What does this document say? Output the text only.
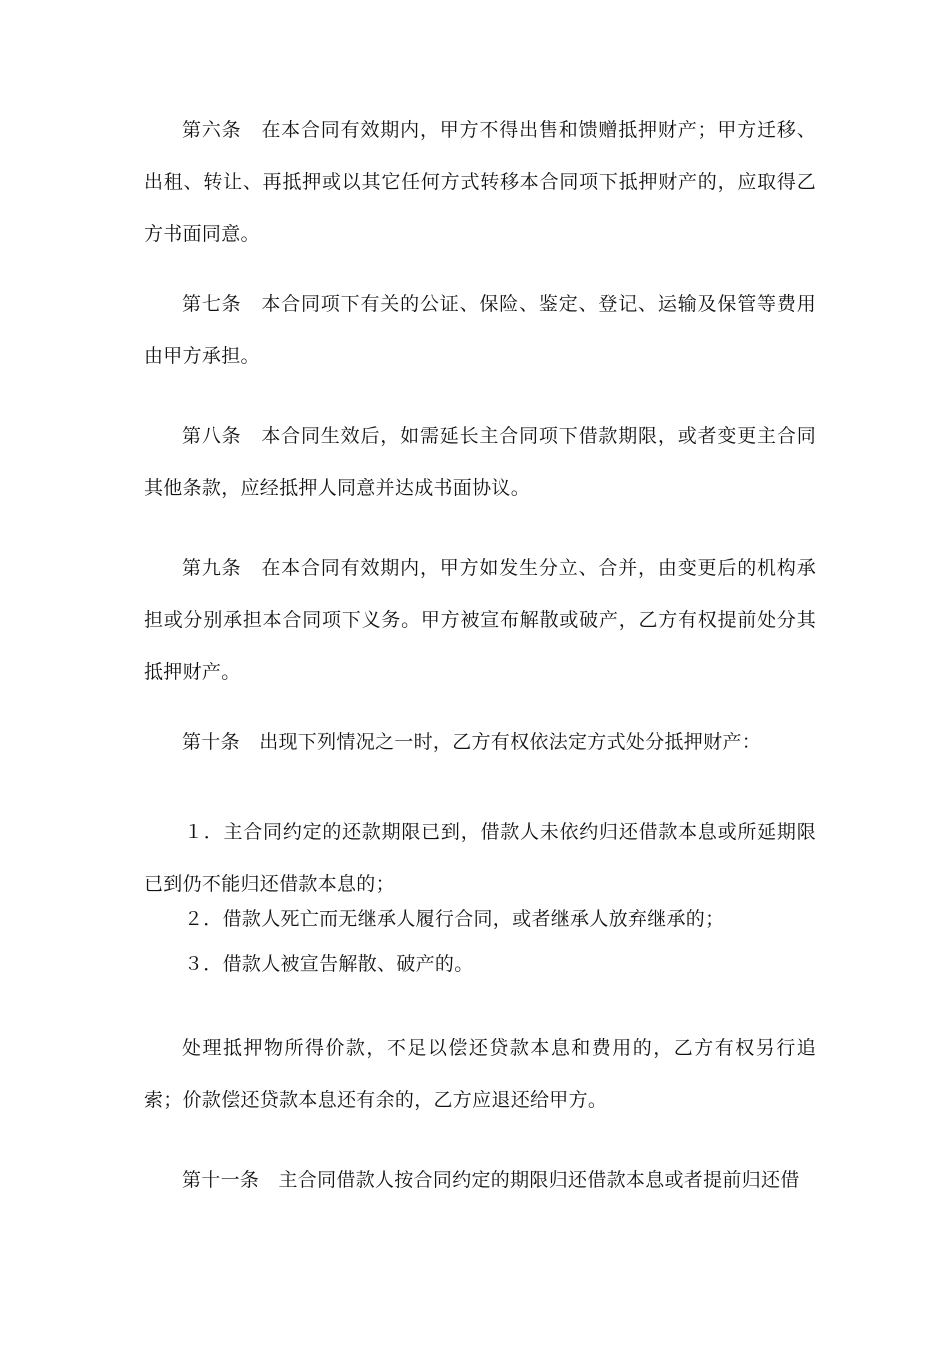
第六条　在本合同有效期内，甲方不得出售和馈赠抵押财产；甲方迁移、出租、转让、再抵押或以其它任何方式转移本合同项下抵押财产的，应取得乙方书面同意。

第七条　本合同项下有关的公证、保险、鉴定、登记、运输及保管等费用由甲方承担。

第八条　本合同生效后，如需延长主合同项下借款期限，或者变更主合同其他条款，应经抵押人同意并达成书面协议。

第九条　在本合同有效期内，甲方如发生分立、合并，由变更后的机构承担或分别承担本合同项下义务。甲方被宣布解散或破产，乙方有权提前处分其抵押财产。

第十条　出现下列情况之一时，乙方有权依法定方式处分抵押财产：

１．主合同约定的还款期限已到，借款人未依约归还借款本息或所延期限已到仍不能归还借款本息的；

２．借款人死亡而无继承人履行合同，或者继承人放弃继承的；

３．借款人被宣告解散、破产的。

处理抵押物所得价款，不足以偿还贷款本息和费用的，乙方有权另行追索；价款偿还贷款本息还有余的，乙方应退还给甲方。

第十一条　主合同借款人按合同约定的期限归还借款本息或者提前归还借
